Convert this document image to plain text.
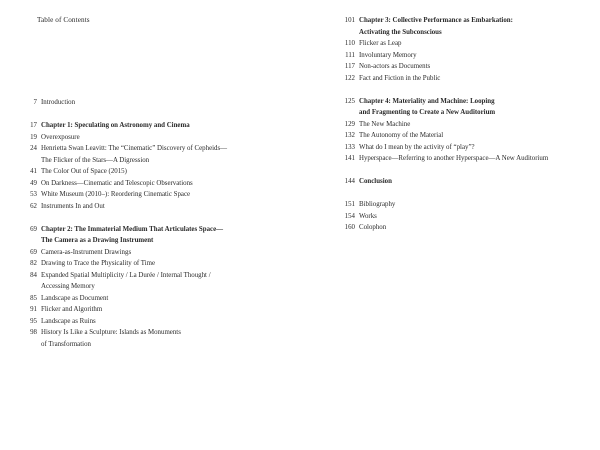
Table of Contents
7 Introduction
17 Chapter 1: Speculating on Astronomy and Cinema
19 Overexposure
24 Henrietta Swan Leavitt: The “Cinematic” Discovery of Cepheids—
The Flicker of the Stars—A Digression
41 The Color Out of Space (2015)
49 On Darkness—Cinematic and Telescopic Observations
53 White Museum (2010–): Reordering Cinematic Space
62 Instruments In and Out
69 Chapter 2: The Immaterial Medium That Articulates Space—
The Camera as a Drawing Instrument
69 Camera-as-Instrument Drawings
82 Drawing to Trace the Physicality of Time
84 Expanded Spatial Multiplicity / La Durée / Internal Thought /
Accessing Memory
85 Landscape as Document
91 Flicker and Algorithm
95 Landscape as Ruins
98 History Is Like a Sculpture: Islands as Monuments
of Transformation
101 Chapter 3: Collective Performance as Embarkation:
Activating the Subconscious
110 Flicker as Leap
111 Involuntary Memory
117 Non-actors as Documents
122 Fact and Fiction in the Public
125 Chapter 4: Materiality and Machine: Looping
and Fragmenting to Create a New Auditorium
129 The New Machine
132 The Autonomy of the Material
133 What do I mean by the activity of “play”?
141 Hyperspace—Referring to another Hyperspace—A New Auditorium
144 Conclusion
151 Bibliography
154 Works
160 Colophon
